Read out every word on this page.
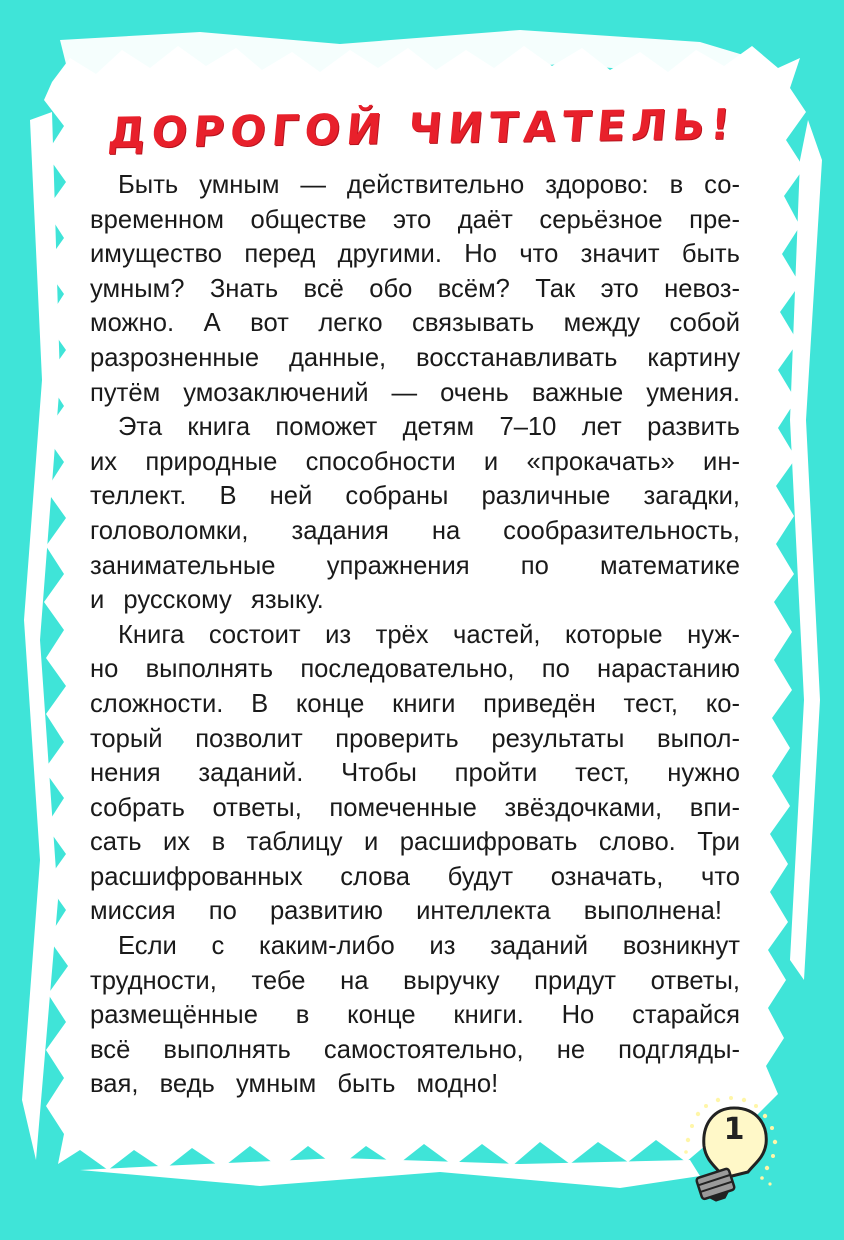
ДОРОГОЙ ЧИТАТЕЛЬ!
Быть умным — действительно здорово: в со-
временном обществе это даёт серьёзное пре-
имущество перед другими. Но что значит быть
умным? Знать всё обо всём? Так это невоз-
можно. А вот легко связывать между собой
разрозненные данные, восстанавливать картину
путём умозаключений — очень важные умения.
Эта книга поможет детям 7–10 лет развить
их природные способности и «прокачать» ин-
теллект. В ней собраны различные загадки,
головоломки, задания на сообразительность,
занимательные упражнения по математике
и русскому языку.
Книга состоит из трёх частей, которые нуж-
но выполнять последовательно, по нарастанию
сложности. В конце книги приведён тест, ко-
торый позволит проверить результаты выпол-
нения заданий. Чтобы пройти тест, нужно
собрать ответы, помеченные звёздочками, впи-
сать их в таблицу и расшифровать слово. Три
расшифрованных слова будут означать, что
миссия по развитию интеллекта выполнена!
Если с каким-либо из заданий возникнут
трудности, тебе на выручку придут ответы,
размещённые в конце книги. Но старайся
всё выполнять самостоятельно, не подгляды-
вая, ведь умным быть модно!
1
